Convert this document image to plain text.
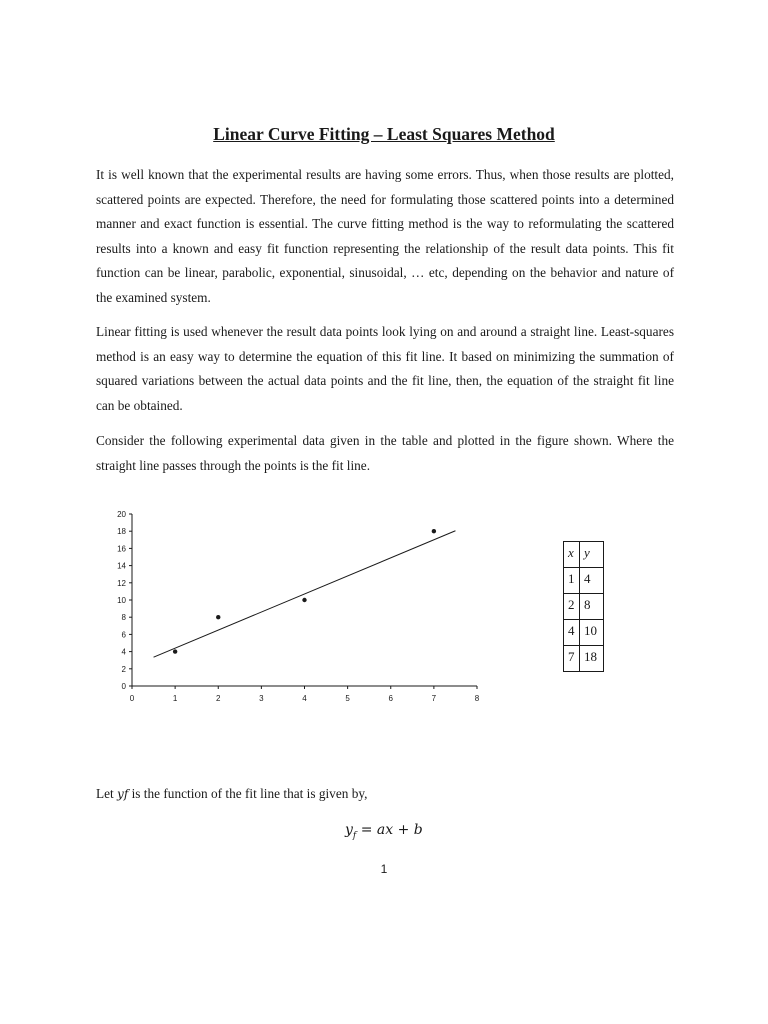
Linear Curve Fitting – Least Squares Method

It is well known that the experimental results are having some errors. Thus, when those results are plotted, scattered points are expected. Therefore, the need for formulating those scattered points into a determined manner and exact function is essential. The curve fitting method is the way to reformulating the scattered results into a known and easy fit function representing the relationship of the result data points. This fit function can be linear, parabolic, exponential, sinusoidal, … etc, depending on the behavior and nature of the examined system.

Linear fitting is used whenever the result data points look lying on and around a straight line. Least-squares method is an easy way to determine the equation of this fit line. It based on minimizing the summation of squared variations between the actual data points and the fit line, then, the equation of the straight fit line can be obtained.

Consider the following experimental data given in the table and plotted in the figure shown. Where the straight line passes through the points is the fit line.

0
2
4
6
8
10
12
14
16
18
20
0	1	2	3	4	5	6	7	8
x	y
1	4
2	8
4	10
7	18
Let yf is the function of the fit line that is given by,
$y_f$ = ax + b
1
